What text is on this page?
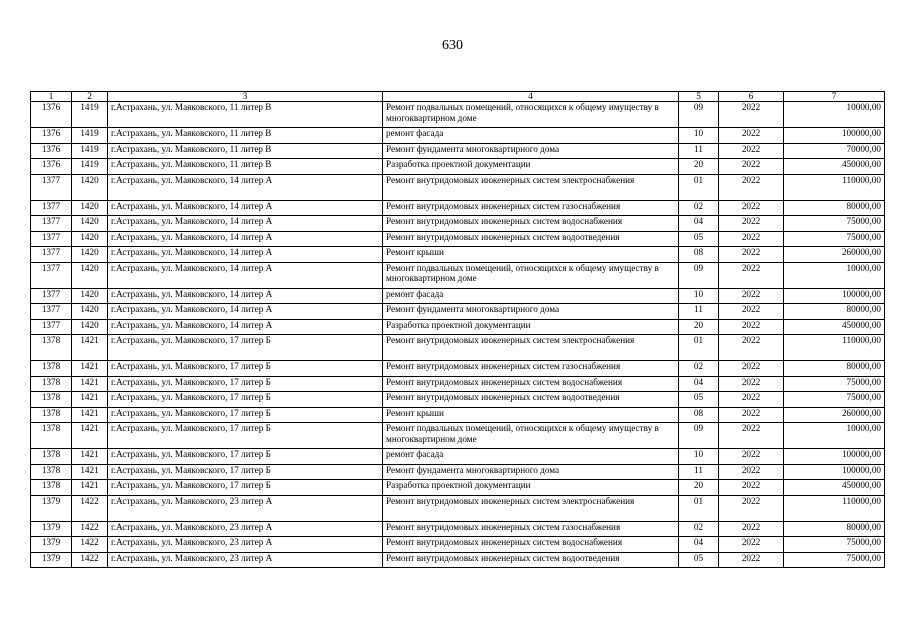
630
1	2	3	4	5	6	7
1376	1419	г.Астрахань, ул. Маяковского, 11 литер В	Ремонт подвальных помещений, относящихся к общему имуществу в многоквартирном доме	09	2022	10000,00
1376	1419	г.Астрахань, ул. Маяковского, 11 литер В	ремонт фасада	10	2022	100000,00
1376	1419	г.Астрахань, ул. Маяковского, 11 литер В	Ремонт фундамента многоквартирного дома	11	2022	70000,00
1376	1419	г.Астрахань, ул. Маяковского, 11 литер В	Разработка проектной документации	20	2022	450000,00
1377	1420	г.Астрахань, ул. Маяковского, 14 литер А	Ремонт внутридомовых инженерных систем электроснабжения	01	2022	110000,00
1377	1420	г.Астрахань, ул. Маяковского, 14 литер А	Ремонт внутридомовых инженерных систем газоснабжения	02	2022	80000,00
1377	1420	г.Астрахань, ул. Маяковского, 14 литер А	Ремонт внутридомовых инженерных систем водоснабжения	04	2022	75000,00
1377	1420	г.Астрахань, ул. Маяковского, 14 литер А	Ремонт внутридомовых инженерных систем водоотведения	05	2022	75000,00
1377	1420	г.Астрахань, ул. Маяковского, 14 литер А	Ремонт крыши	08	2022	260000,00
1377	1420	г.Астрахань, ул. Маяковского, 14 литер А	Ремонт подвальных помещений, относящихся к общему имуществу в многоквартирном доме	09	2022	10000,00
1377	1420	г.Астрахань, ул. Маяковского, 14 литер А	ремонт фасада	10	2022	100000,00
1377	1420	г.Астрахань, ул. Маяковского, 14 литер А	Ремонт фундамента многоквартирного дома	11	2022	80000,00
1377	1420	г.Астрахань, ул. Маяковского, 14 литер А	Разработка проектной документации	20	2022	450000,00
1378	1421	г.Астрахань, ул. Маяковского, 17 литер Б	Ремонт внутридомовых инженерных систем электроснабжения	01	2022	110000,00
1378	1421	г.Астрахань, ул. Маяковского, 17 литер Б	Ремонт внутридомовых инженерных систем газоснабжения	02	2022	80000,00
1378	1421	г.Астрахань, ул. Маяковского, 17 литер Б	Ремонт внутридомовых инженерных систем водоснабжения	04	2022	75000,00
1378	1421	г.Астрахань, ул. Маяковского, 17 литер Б	Ремонт внутридомовых инженерных систем водоотведения	05	2022	75000,00
1378	1421	г.Астрахань, ул. Маяковского, 17 литер Б	Ремонт крыши	08	2022	260000,00
1378	1421	г.Астрахань, ул. Маяковского, 17 литер Б	Ремонт подвальных помещений, относящихся к общему имуществу в многоквартирном доме	09	2022	10000,00
1378	1421	г.Астрахань, ул. Маяковского, 17 литер Б	ремонт фасада	10	2022	100000,00
1378	1421	г.Астрахань, ул. Маяковского, 17 литер Б	Ремонт фундамента многоквартирного дома	11	2022	100000,00
1378	1421	г.Астрахань, ул. Маяковского, 17 литер Б	Разработка проектной документации	20	2022	450000,00
1379	1422	г.Астрахань, ул. Маяковского, 23 литер А	Ремонт внутридомовых инженерных систем электроснабжения	01	2022	110000,00
1379	1422	г.Астрахань, ул. Маяковского, 23 литер А	Ремонт внутридомовых инженерных систем газоснабжения	02	2022	80000,00
1379	1422	г.Астрахань, ул. Маяковского, 23 литер А	Ремонт внутридомовых инженерных систем водоснабжения	04	2022	75000,00
1379	1422	г.Астрахань, ул. Маяковского, 23 литер А	Ремонт внутридомовых инженерных систем водоотведения	05	2022	75000,00
